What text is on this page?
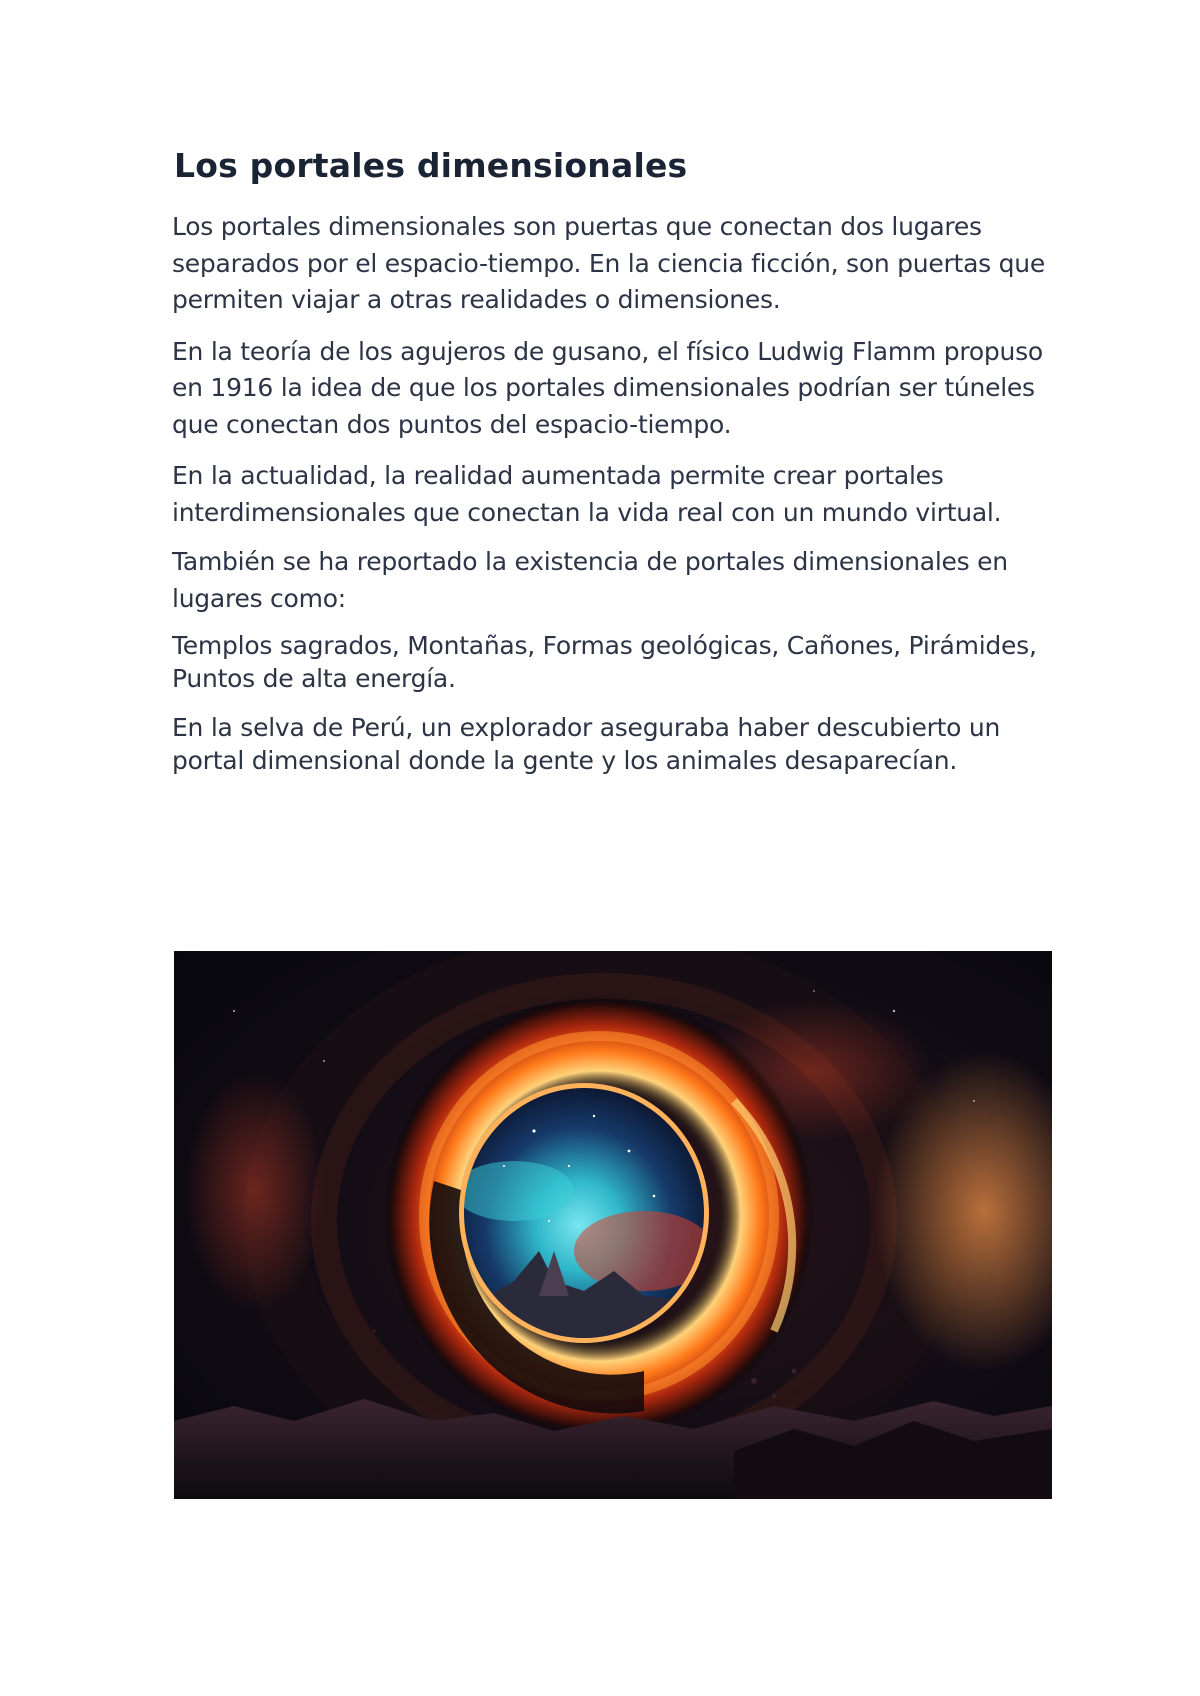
Los portales dimensionales

Los portales dimensionales son puertas que conectan dos lugares separados por el espacio-tiempo. En la ciencia ficción, son puertas que permiten viajar a otras realidades o dimensiones.

En la teoría de los agujeros de gusano, el físico Ludwig Flamm propuso en 1916 la idea de que los portales dimensionales podrían ser túneles que conectan dos puntos del espacio-tiempo.

En la actualidad, la realidad aumentada permite crear portales interdimensionales que conectan la vida real con un mundo virtual.

También se ha reportado la existencia de portales dimensionales en lugares como:

Templos sagrados, Montañas, Formas geológicas, Cañones, Pirámides, Puntos de alta energía.

En la selva de Perú, un explorador aseguraba haber descubierto un portal dimensional donde la gente y los animales desaparecían.
